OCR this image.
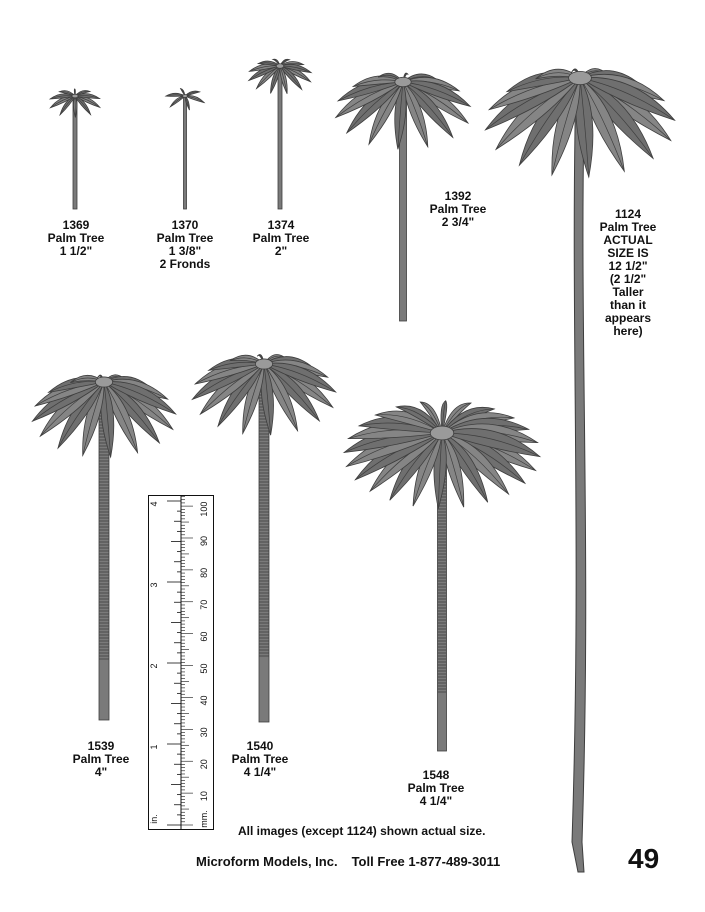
1369
Palm Tree
1 1/2"
1370
Palm Tree
1 3/8"
2 Fronds
1374
Palm Tree
2"
1392
Palm Tree
2 3/4"
1124
Palm Tree
ACTUAL
SIZE IS
12 1/2"
(2 1/2"
Taller
than it
appears
here)
1539
Palm Tree
4"
1540
Palm Tree
4 1/4"	1548
Palm Tree
4 1/4"
1
2
3
4
10
20
30
40
50
60
70
80
90
100
in.	mm.
All images (except 1124) shown actual size.
Microform Models, Inc. Toll Free 1-877-489-3011	49
